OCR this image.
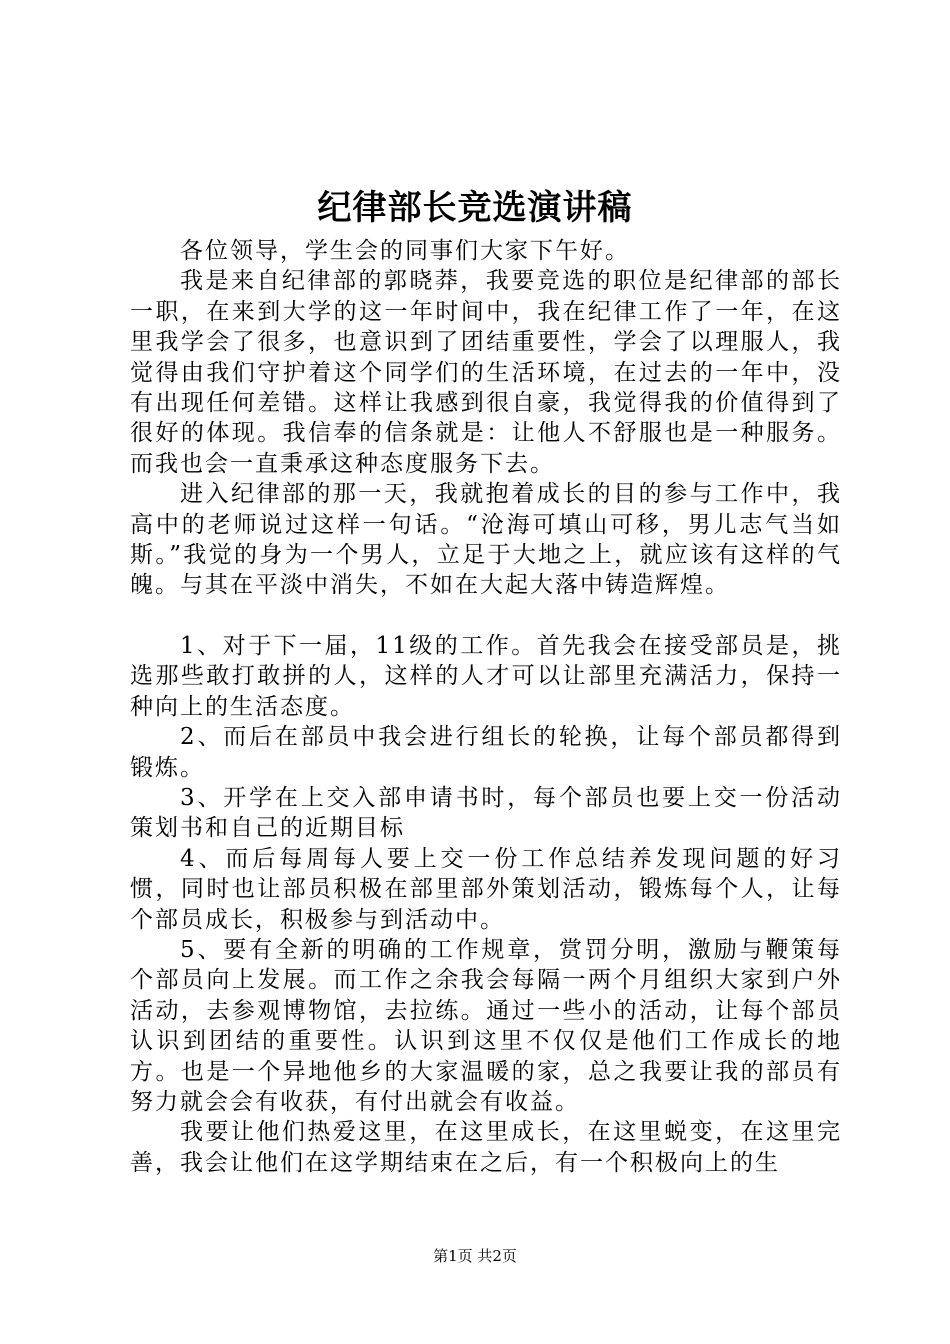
纪律部长竞选演讲稿

各位领导，学生会的同事们大家下午好。

我是来自纪律部的郭晓莽，我要竞选的职位是纪律部的部长一职，在来到大学的这一年时间中，我在纪律工作了一年，在这里我学会了很多，也意识到了团结重要性，学会了以理服人，我觉得由我们守护着这个同学们的生活环境，在过去的一年中，没有出现任何差错。这样让我感到很自豪，我觉得我的价值得到了很好的体现。我信奉的信条就是：让他人不舒服也是一种服务。而我也会一直秉承这种态度服务下去。

进入纪律部的那一天，我就抱着成长的目的参与工作中，我高中的老师说过这样一句话。“沧海可填山可移，男儿志气当如斯。”我觉的身为一个男人，立足于大地之上，就应该有这样的气魄。与其在平淡中消失，不如在大起大落中铸造辉煌。

1、对于下一届，11级的工作。首先我会在接受部员是，挑选那些敢打敢拼的人，这样的人才可以让部里充满活力，保持一种向上的生活态度。

2、而后在部员中我会进行组长的轮换，让每个部员都得到锻炼。

3、开学在上交入部申请书时，每个部员也要上交一份活动策划书和自己的近期目标

4、而后每周每人要上交一份工作总结养发现问题的好习惯，同时也让部员积极在部里部外策划活动，锻炼每个人，让每个部员成长，积极参与到活动中。

5、要有全新的明确的工作规章，赏罚分明，激励与鞭策每个部员向上发展。而工作之余我会每隔一两个月组织大家到户外活动，去参观博物馆，去拉练。通过一些小的活动，让每个部员认识到团结的重要性。认识到这里不仅仅是他们工作成长的地方。也是一个异地他乡的大家温暖的家，总之我要让我的部员有努力就会会有收获，有付出就会有收益。

我要让他们热爱这里，在这里成长，在这里蜕变，在这里完善，我会让他们在这学期结束在之后，有一个积极向上的生

第1页 共2页
